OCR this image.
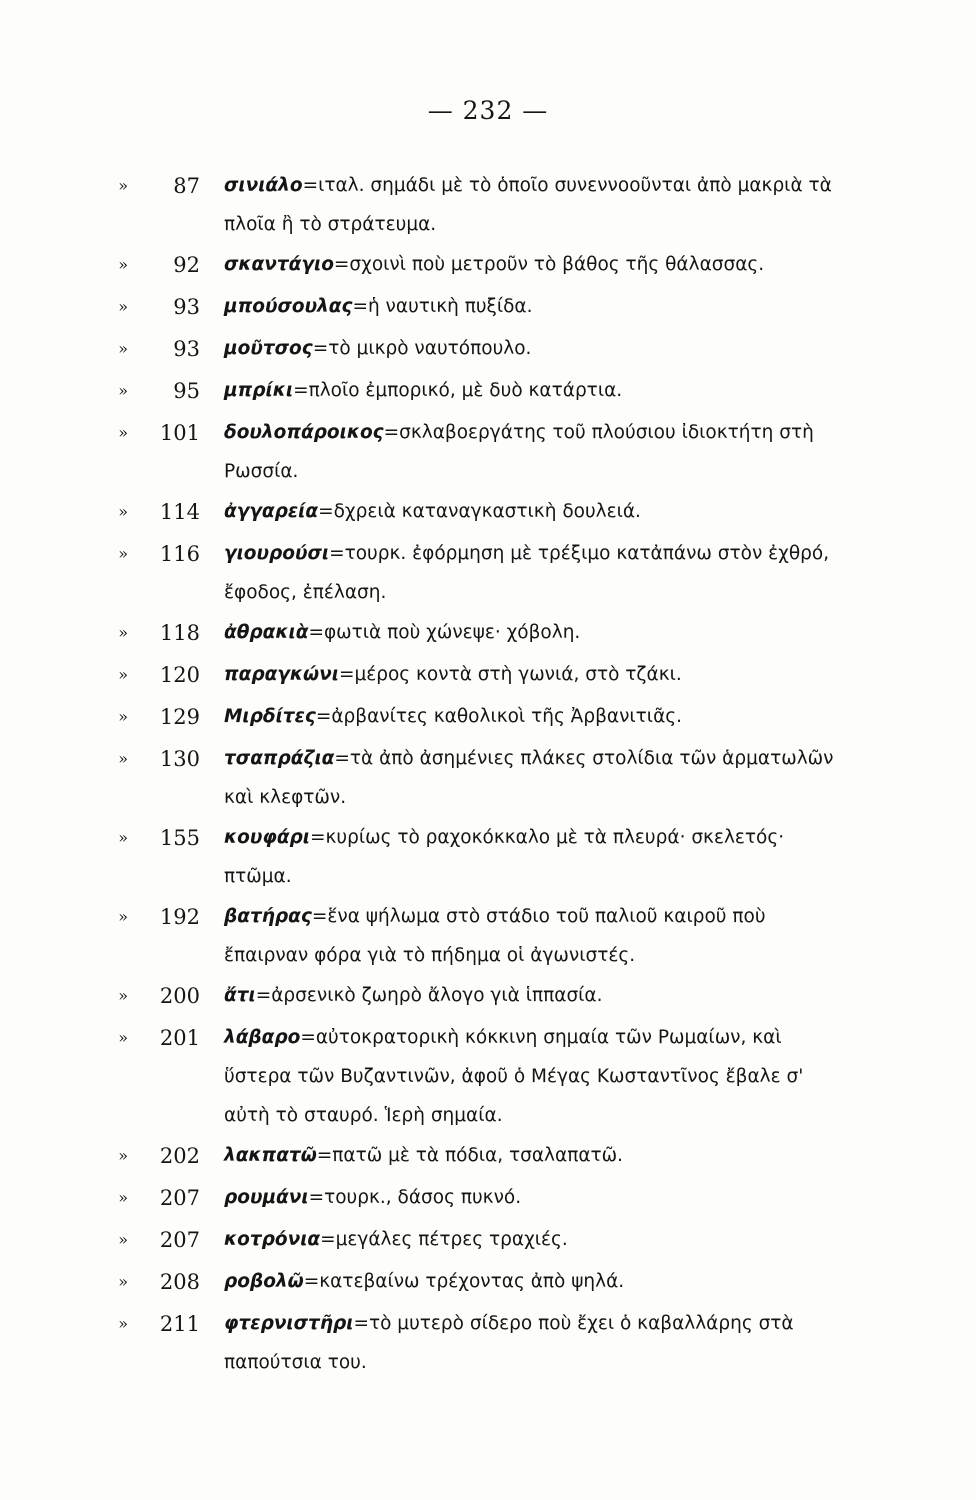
— 232 —
»	87	σινιάλο=ιταλ. σημάδι μὲ τὸ ὁποῖο συνεννοοῦνται ἀπὸ μακριὰ τὰ πλοῖα ἢ τὸ στράτευμα.
»	92	σκαντάγιο=σχοινὶ ποὺ μετροῦν τὸ βάθος τῆς θάλασσας.
»	93	μπούσουλας=ἡ ναυτικὴ πυξίδα.
»	93	μοῦτσος=τὸ μικρὸ ναυτόπουλο.
»	95	μπρίκι=πλοῖο ἐμπορικό, μὲ δυὸ κατάρτια.
»	101	δουλοπάροικος=σκλαβοεργάτης τοῦ πλούσιου ἰδιοκτήτη στὴ Ρωσσία.
»	114	ἀγγαρεία=δχρειὰ καταναγκαστικὴ δουλειά.
»	116	γιουρούσι=τουρκ. ἐφόρμηση μὲ τρέξιμο κατἀπάνω στὸν ἐχθρό, ἔφοδος, ἐπέλαση.
»	118	ἀθρακιὰ=φωτιὰ ποὺ χώνεψε· χόβολη.
»	120	παραγκώνι=μέρος κοντὰ στὴ γωνιά, στὸ τζάκι.
»	129	Μιρδίτες=ἀρβανίτες καθολικοὶ τῆς Ἀρβανιτιᾶς.
»	130	τσαπράζια=τὰ ἀπὸ ἀσημένιες πλάκες στολίδια τῶν ἁρματωλῶν καὶ κλεφτῶν.
»	155	κουφάρι=κυρίως τὸ ραχοκόκκαλο μὲ τὰ πλευρά· σκελετός· πτῶμα.
»	192	βατήρας=ἕνα ψήλωμα στὸ στάδιο τοῦ παλιοῦ καιροῦ ποὺ ἔπαιρναν φόρα γιὰ τὸ πήδημα οἱ ἀγωνιστές.
»	200	ἄτι=ἀρσενικὸ ζωηρὸ ἄλογο γιὰ ἱππασία.
»	201	λάβαρο=αὐτοκρατορικὴ κόκκινη σημαία τῶν Ρωμαίων, καὶ ὕστερα τῶν Βυζαντινῶν, ἀφοῦ ὁ Μέγας Κωσταντῖνος ἔβαλε σ' αὐτὴ τὸ σταυρό. Ἱερὴ σημαία.
»	202	λακπατῶ=πατῶ μὲ τὰ πόδια, τσαλαπατῶ.
»	207	ρουμάνι=τουρκ., δάσος πυκνό.
»	207	κοτρόνια=μεγάλες πέτρες τραχιές.
»	208	ροβολῶ=κατεβαίνω τρέχοντας ἀπὸ ψηλά.
»	211	φτερνιστῆρι=τὸ μυτερὸ σίδερο ποὺ ἔχει ὁ καβαλλάρης στὰ παπούτσια του.
